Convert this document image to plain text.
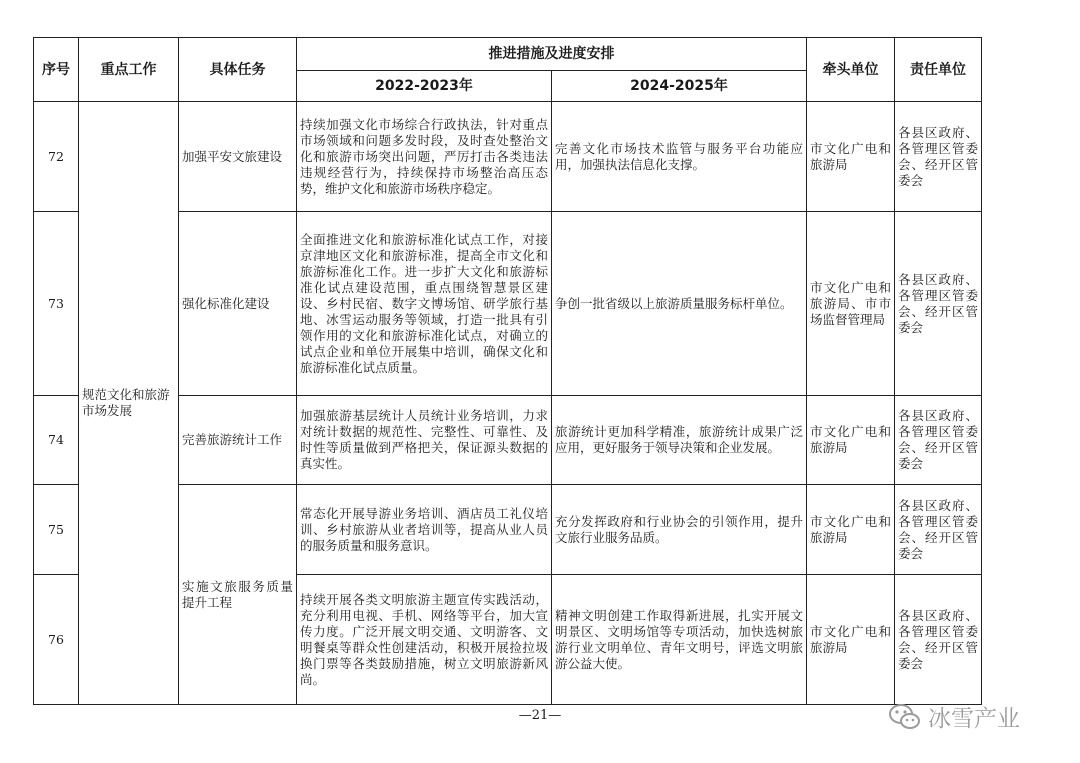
序号	重点工作	具体任务	推进措施及进度安排		牵头单位	责任单位
			2022-2023年	2024-2025年		
72	规范文化和旅游市场发展	加强平安文旅建设	持续加强文化市场综合行政执法，针对重点市场领域和问题多发时段，及时查处整治文化和旅游市场突出问题，严厉打击各类违法违规经营行为，持续保持市场整治高压态势，维护文化和旅游市场秩序稳定。	完善文化市场技术监管与服务平台功能应用，加强执法信息化支撑。	市文化广电和旅游局	各县区政府、各管理区管委会、经开区管委会
73		强化标准化建设	全面推进文化和旅游标准化试点工作，对接京津地区文化和旅游标准，提高全市文化和旅游标准化工作。进一步扩大文化和旅游标准化试点建设范围，重点围绕智慧景区建设、乡村民宿、数字文博场馆、研学旅行基地、冰雪运动服务等领域，打造一批具有引领作用的文化和旅游标准化试点，对确立的试点企业和单位开展集中培训，确保文化和旅游标准化试点质量。	争创一批省级以上旅游质量服务标杆单位。	市文化广电和旅游局、市市场监督管理局	各县区政府、各管理区管委会、经开区管委会
74		完善旅游统计工作	加强旅游基层统计人员统计业务培训，力求对统计数据的规范性、完整性、可靠性、及时性等质量做到严格把关，保证源头数据的真实性。	旅游统计更加科学精准，旅游统计成果广泛应用，更好服务于领导决策和企业发展。	市文化广电和旅游局	各县区政府、各管理区管委会、经开区管委会
75		实施文旅服务质量提升工程	常态化开展导游业务培训、酒店员工礼仪培训、乡村旅游从业者培训等，提高从业人员的服务质量和服务意识。	充分发挥政府和行业协会的引领作用，提升文旅行业服务品质。	市文化广电和旅游局	各县区政府、各管理区管委会、经开区管委会
76			持续开展各类文明旅游主题宣传实践活动，充分利用电视、手机、网络等平台，加大宣传力度。广泛开展文明交通、文明游客、文明餐桌等群众性创建活动，积极开展捡拉圾换门票等各类鼓励措施，树立文明旅游新风尚。	精神文明创建工作取得新进展，扎实开展文明景区、文明场馆等专项活动，加快选树旅游行业文明单位、青年文明号，评选文明旅游公益大使。	市文化广电和旅游局	各县区政府、各管理区管委会、经开区管委会
—21—	冰雪产业
